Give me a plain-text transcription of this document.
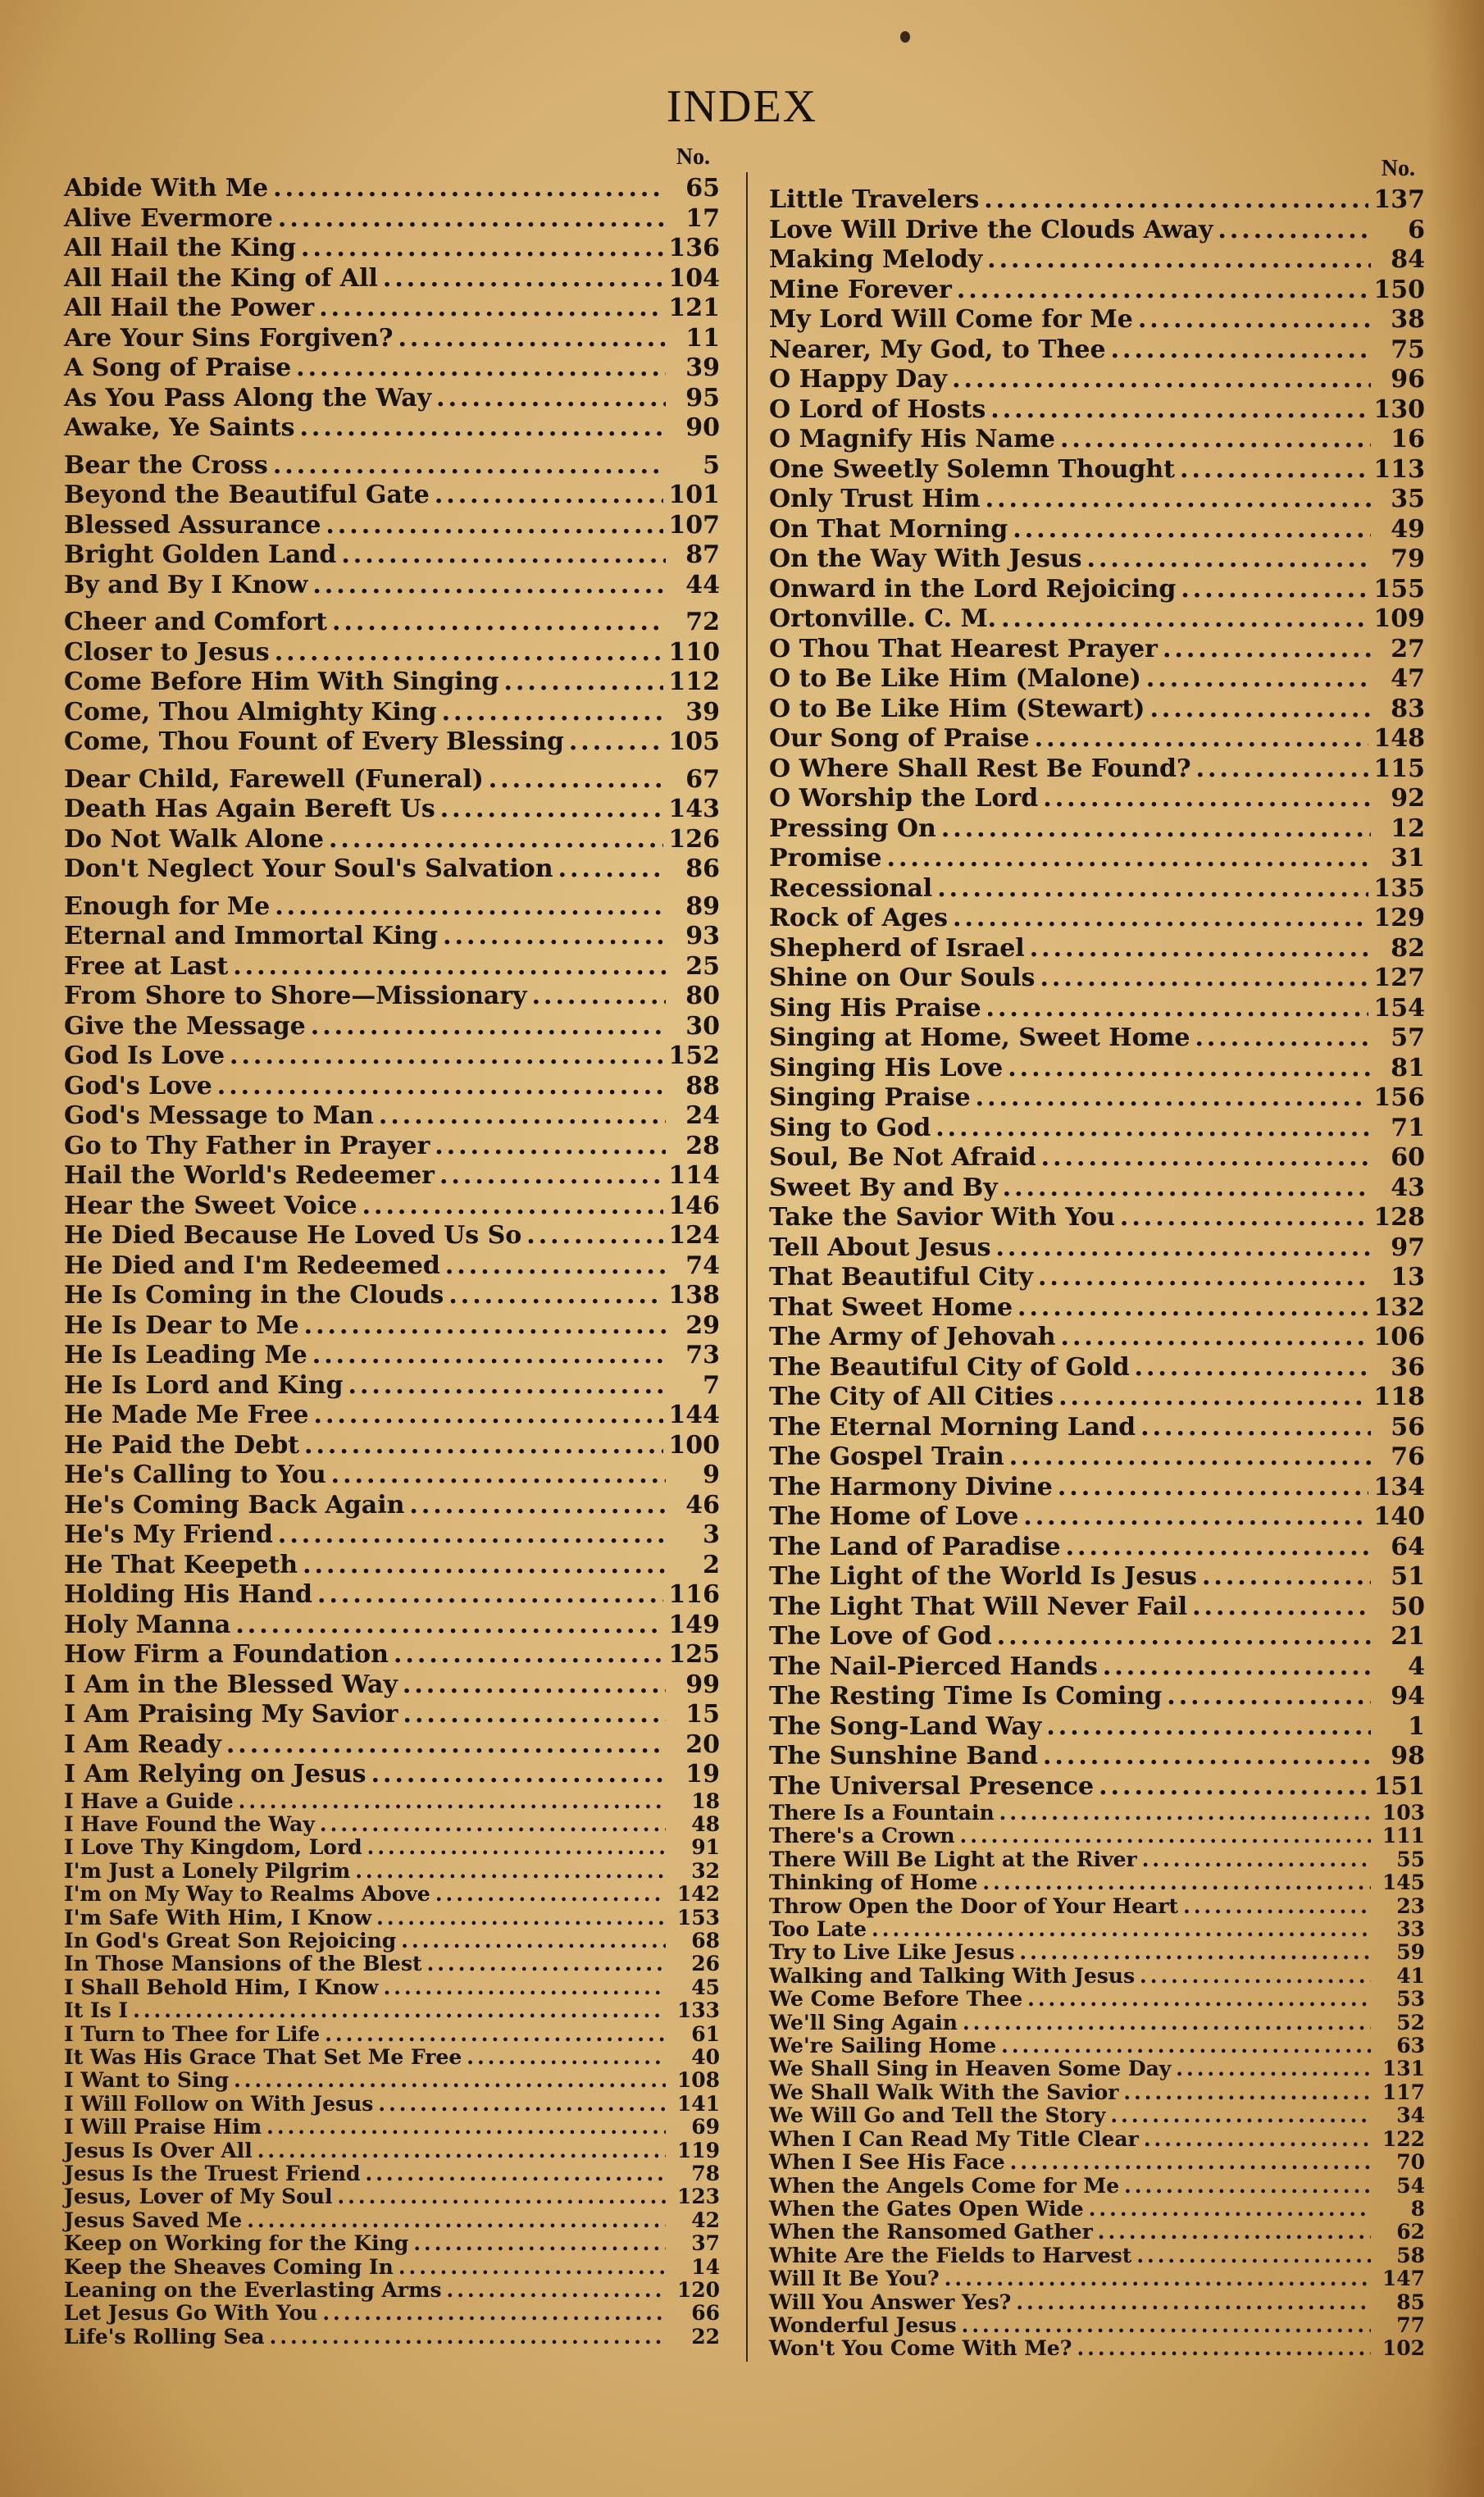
INDEX
No.
Abide With Me .....	65
Alive Evermore .....	17
All Hail the King .....	136
All Hail the King of All .....	104
All Hail the Power .....	121
Are Your Sins Forgiven? .....	11
A Song of Praise .....	39
As You Pass Along the Way .....	95
Awake, Ye Saints .....	90
Bear the Cross .....	5
Beyond the Beautiful Gate .....	101
Blessed Assurance .....	107
Bright Golden Land .....	87
By and By I Know .....	44
Cheer and Comfort .....	72
Closer to Jesus .....	110
Come Before Him With Singing .....	112
Come, Thou Almighty King .....	39
Come, Thou Fount of Every Blessing .....	105
Dear Child, Farewell (Funeral) .....	67
Death Has Again Bereft Us .....	143
Do Not Walk Alone .....	126
Don't Neglect Your Soul's Salvation .....	86
Enough for Me .....	89
Eternal and Immortal King .....	93
Free at Last .....	25
From Shore to Shore—Missionary .....	80
Give the Message .....	30
God Is Love .....	152
God's Love .....	88
God's Message to Man .....	24
Go to Thy Father in Prayer .....	28
Hail the World's Redeemer .....	114
Hear the Sweet Voice .....	146
He Died Because He Loved Us So .....	124
He Died and I'm Redeemed .....	74
He Is Coming in the Clouds .....	138
He Is Dear to Me .....	29
He Is Leading Me .....	73
He Is Lord and King .....	7
He Made Me Free .....	144
He Paid the Debt .....	100
He's Calling to You .....	9
He's Coming Back Again .....	46
He's My Friend .....	3
He That Keepeth .....	2
Holding His Hand .....	116
Holy Manna .....	149
How Firm a Foundation .....	125
I Am in the Blessed Way .....	99
I Am Praising My Savior .....	15
I Am Ready .....	20
I Am Relying on Jesus .....	19
I Have a Guide .....	18
I Have Found the Way .....	48
I Love Thy Kingdom, Lord .....	91
I'm Just a Lonely Pilgrim .....	32
I'm on My Way to Realms Above .....	142
I'm Safe With Him, I Know .....	153
In God's Great Son Rejoicing .....	68
In Those Mansions of the Blest .....	26
I Shall Behold Him, I Know .....	45
It Is I .....	133
I Turn to Thee for Life .....	61
It Was His Grace That Set Me Free .....	40
I Want to Sing .....	108
I Will Follow on With Jesus .....	141
I Will Praise Him .....	69
Jesus Is Over All .....	119
Jesus Is the Truest Friend .....	78
Jesus, Lover of My Soul .....	123
Jesus Saved Me .....	42
Keep on Working for the King .....	37
Keep the Sheaves Coming In .....	14
Leaning on the Everlasting Arms .....	120
Let Jesus Go With You .....	66
Life's Rolling Sea .....	22
No.
Little Travelers .....	137
Love Will Drive the Clouds Away .....	6
Making Melody .....	84
Mine Forever .....	150
My Lord Will Come for Me .....	38
Nearer, My God, to Thee .....	75
O Happy Day .....	96
O Lord of Hosts .....	130
O Magnify His Name .....	16
One Sweetly Solemn Thought .....	113
Only Trust Him .....	35
On That Morning .....	49
On the Way With Jesus .....	79
Onward in the Lord Rejoicing .....	155
Ortonville. C. M. .....	109
O Thou That Hearest Prayer .....	27
O to Be Like Him (Malone) .....	47
O to Be Like Him (Stewart) .....	83
Our Song of Praise .....	148
O Where Shall Rest Be Found? .....	115
O Worship the Lord .....	92
Pressing On .....	12
Promise .....	31
Recessional .....	135
Rock of Ages .....	129
Shepherd of Israel .....	82
Shine on Our Souls .....	127
Sing His Praise .....	154
Singing at Home, Sweet Home .....	57
Singing His Love .....	81
Singing Praise .....	156
Sing to God .....	71
Soul, Be Not Afraid .....	60
Sweet By and By .....	43
Take the Savior With You .....	128
Tell About Jesus .....	97
That Beautiful City .....	13
That Sweet Home .....	132
The Army of Jehovah .....	106
The Beautiful City of Gold .....	36
The City of All Cities .....	118
The Eternal Morning Land .....	56
The Gospel Train .....	76
The Harmony Divine .....	134
The Home of Love .....	140
The Land of Paradise .....	64
The Light of the World Is Jesus .....	51
The Light That Will Never Fail .....	50
The Love of God .....	21
The Nail-Pierced Hands .....	4
The Resting Time Is Coming .....	94
The Song-Land Way .....	1
The Sunshine Band .....	98
The Universal Presence .....	151
There Is a Fountain .....	103
There's a Crown .....	111
There Will Be Light at the River .....	55
Thinking of Home .....	145
Throw Open the Door of Your Heart .....	23
Too Late .....	33
Try to Live Like Jesus .....	59
Walking and Talking With Jesus .....	41
We Come Before Thee .....	53
We'll Sing Again .....	52
We're Sailing Home .....	63
We Shall Sing in Heaven Some Day .....	131
We Shall Walk With the Savior .....	117
We Will Go and Tell the Story .....	34
When I Can Read My Title Clear .....	122
When I See His Face .....	70
When the Angels Come for Me .....	54
When the Gates Open Wide .....	8
When the Ransomed Gather .....	62
White Are the Fields to Harvest .....	58
Will It Be You? .....	147
Will You Answer Yes? .....	85
Wonderful Jesus .....	77
Won't You Come With Me? .....	102
